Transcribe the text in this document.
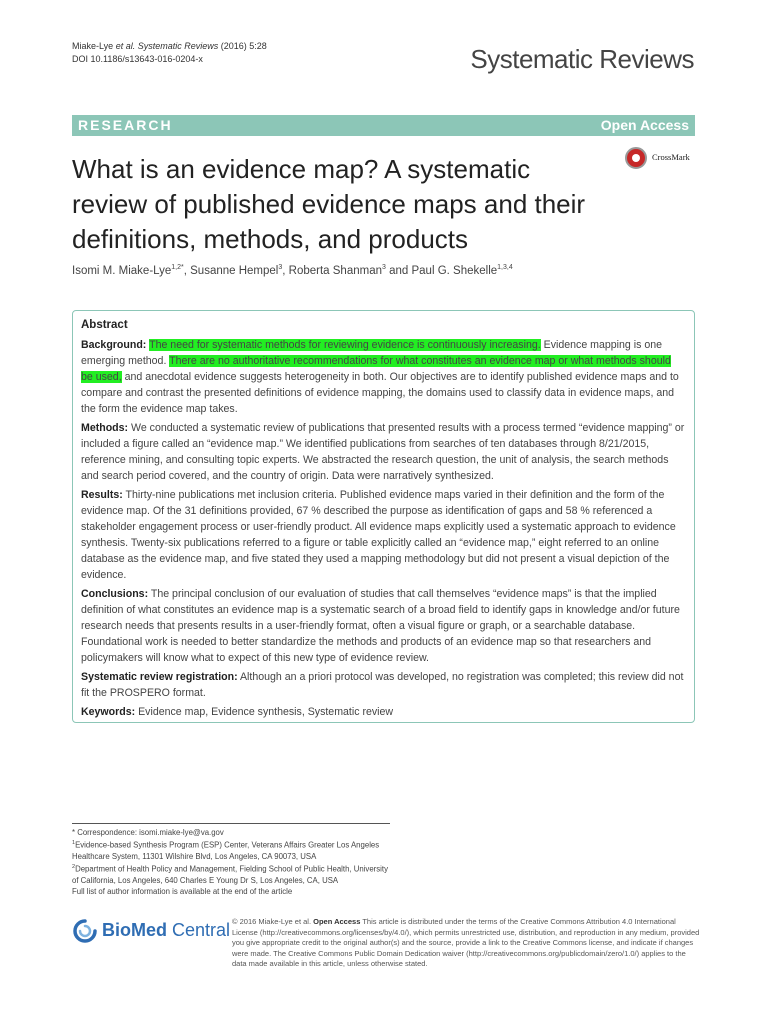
Miake-Lye et al. Systematic Reviews (2016) 5:28
DOI 10.1186/s13643-016-0204-x	Systematic Reviews
RESEARCH	Open Access
CrossMark
What is an evidence map? A systematic review of published evidence maps and their definitions, methods, and products
Isomi M. Miake-Lye$^{1,2*}$, Susanne Hempel$^3$, Roberta Shanman$^3$ and Paul G. Shekelle$^{1,3,4}$
Abstract

Background: The need for systematic methods for reviewing evidence is continuously increasing. Evidence mapping is one emerging method. There are no authoritative recommendations for what constitutes an evidence map or what methods should be used, and anecdotal evidence suggests heterogeneity in both. Our objectives are to identify published evidence maps and to compare and contrast the presented definitions of evidence mapping, the domains used to classify data in evidence maps, and the form the evidence map takes.

Methods: We conducted a systematic review of publications that presented results with a process termed “evidence mapping” or included a figure called an “evidence map.” We identified publications from searches of ten databases through 8/21/2015, reference mining, and consulting topic experts. We abstracted the research question, the unit of analysis, the search methods and search period covered, and the country of origin. Data were narratively synthesized.

Results: Thirty-nine publications met inclusion criteria. Published evidence maps varied in their definition and the form of the evidence map. Of the 31 definitions provided, 67 % described the purpose as identification of gaps and 58 % referenced a stakeholder engagement process or user-friendly product. All evidence maps explicitly used a systematic approach to evidence synthesis. Twenty-six publications referred to a figure or table explicitly called an “evidence map,” eight referred to an online database as the evidence map, and five stated they used a mapping methodology but did not present a visual depiction of the evidence.

Conclusions: The principal conclusion of our evaluation of studies that call themselves “evidence maps” is that the implied definition of what constitutes an evidence map is a systematic search of a broad field to identify gaps in knowledge and/or future research needs that presents results in a user-friendly format, often a visual figure or graph, or a searchable database. Foundational work is needed to better standardize the methods and products of an evidence map so that researchers and policymakers will know what to expect of this new type of evidence review.

Systematic review registration: Although an a priori protocol was developed, no registration was completed; this review did not fit the PROSPERO format.

Keywords: Evidence map, Evidence synthesis, Systematic review

* Correspondence: isomi.miake-lye@va.gov

$^1$Evidence-based Synthesis Program (ESP) Center, Veterans Affairs Greater Los Angeles Healthcare System, 11301 Wilshire Blvd, Los Angeles, CA 90073, USA

$^2$Department of Health Policy and Management, Fielding School of Public Health, University of California, Los Angeles, 640 Charles E Young Dr S, Los Angeles, CA, USA

Full list of author information is available at the end of the article

BioMed Central © 2016 Miake-Lye et al. Open Access This article is distributed under the terms of the Creative Commons Attribution 4.0 International License (http://creativecommons.org/licenses/by/4.0/), which permits unrestricted use, distribution, and reproduction in any medium, provided you give appropriate credit to the original author(s) and the source, provide a link to the Creative Commons license, and indicate if changes were made. The Creative Commons Public Domain Dedication waiver (http://creativecommons.org/publicdomain/zero/1.0/) applies to the data made available in this article, unless otherwise stated.
